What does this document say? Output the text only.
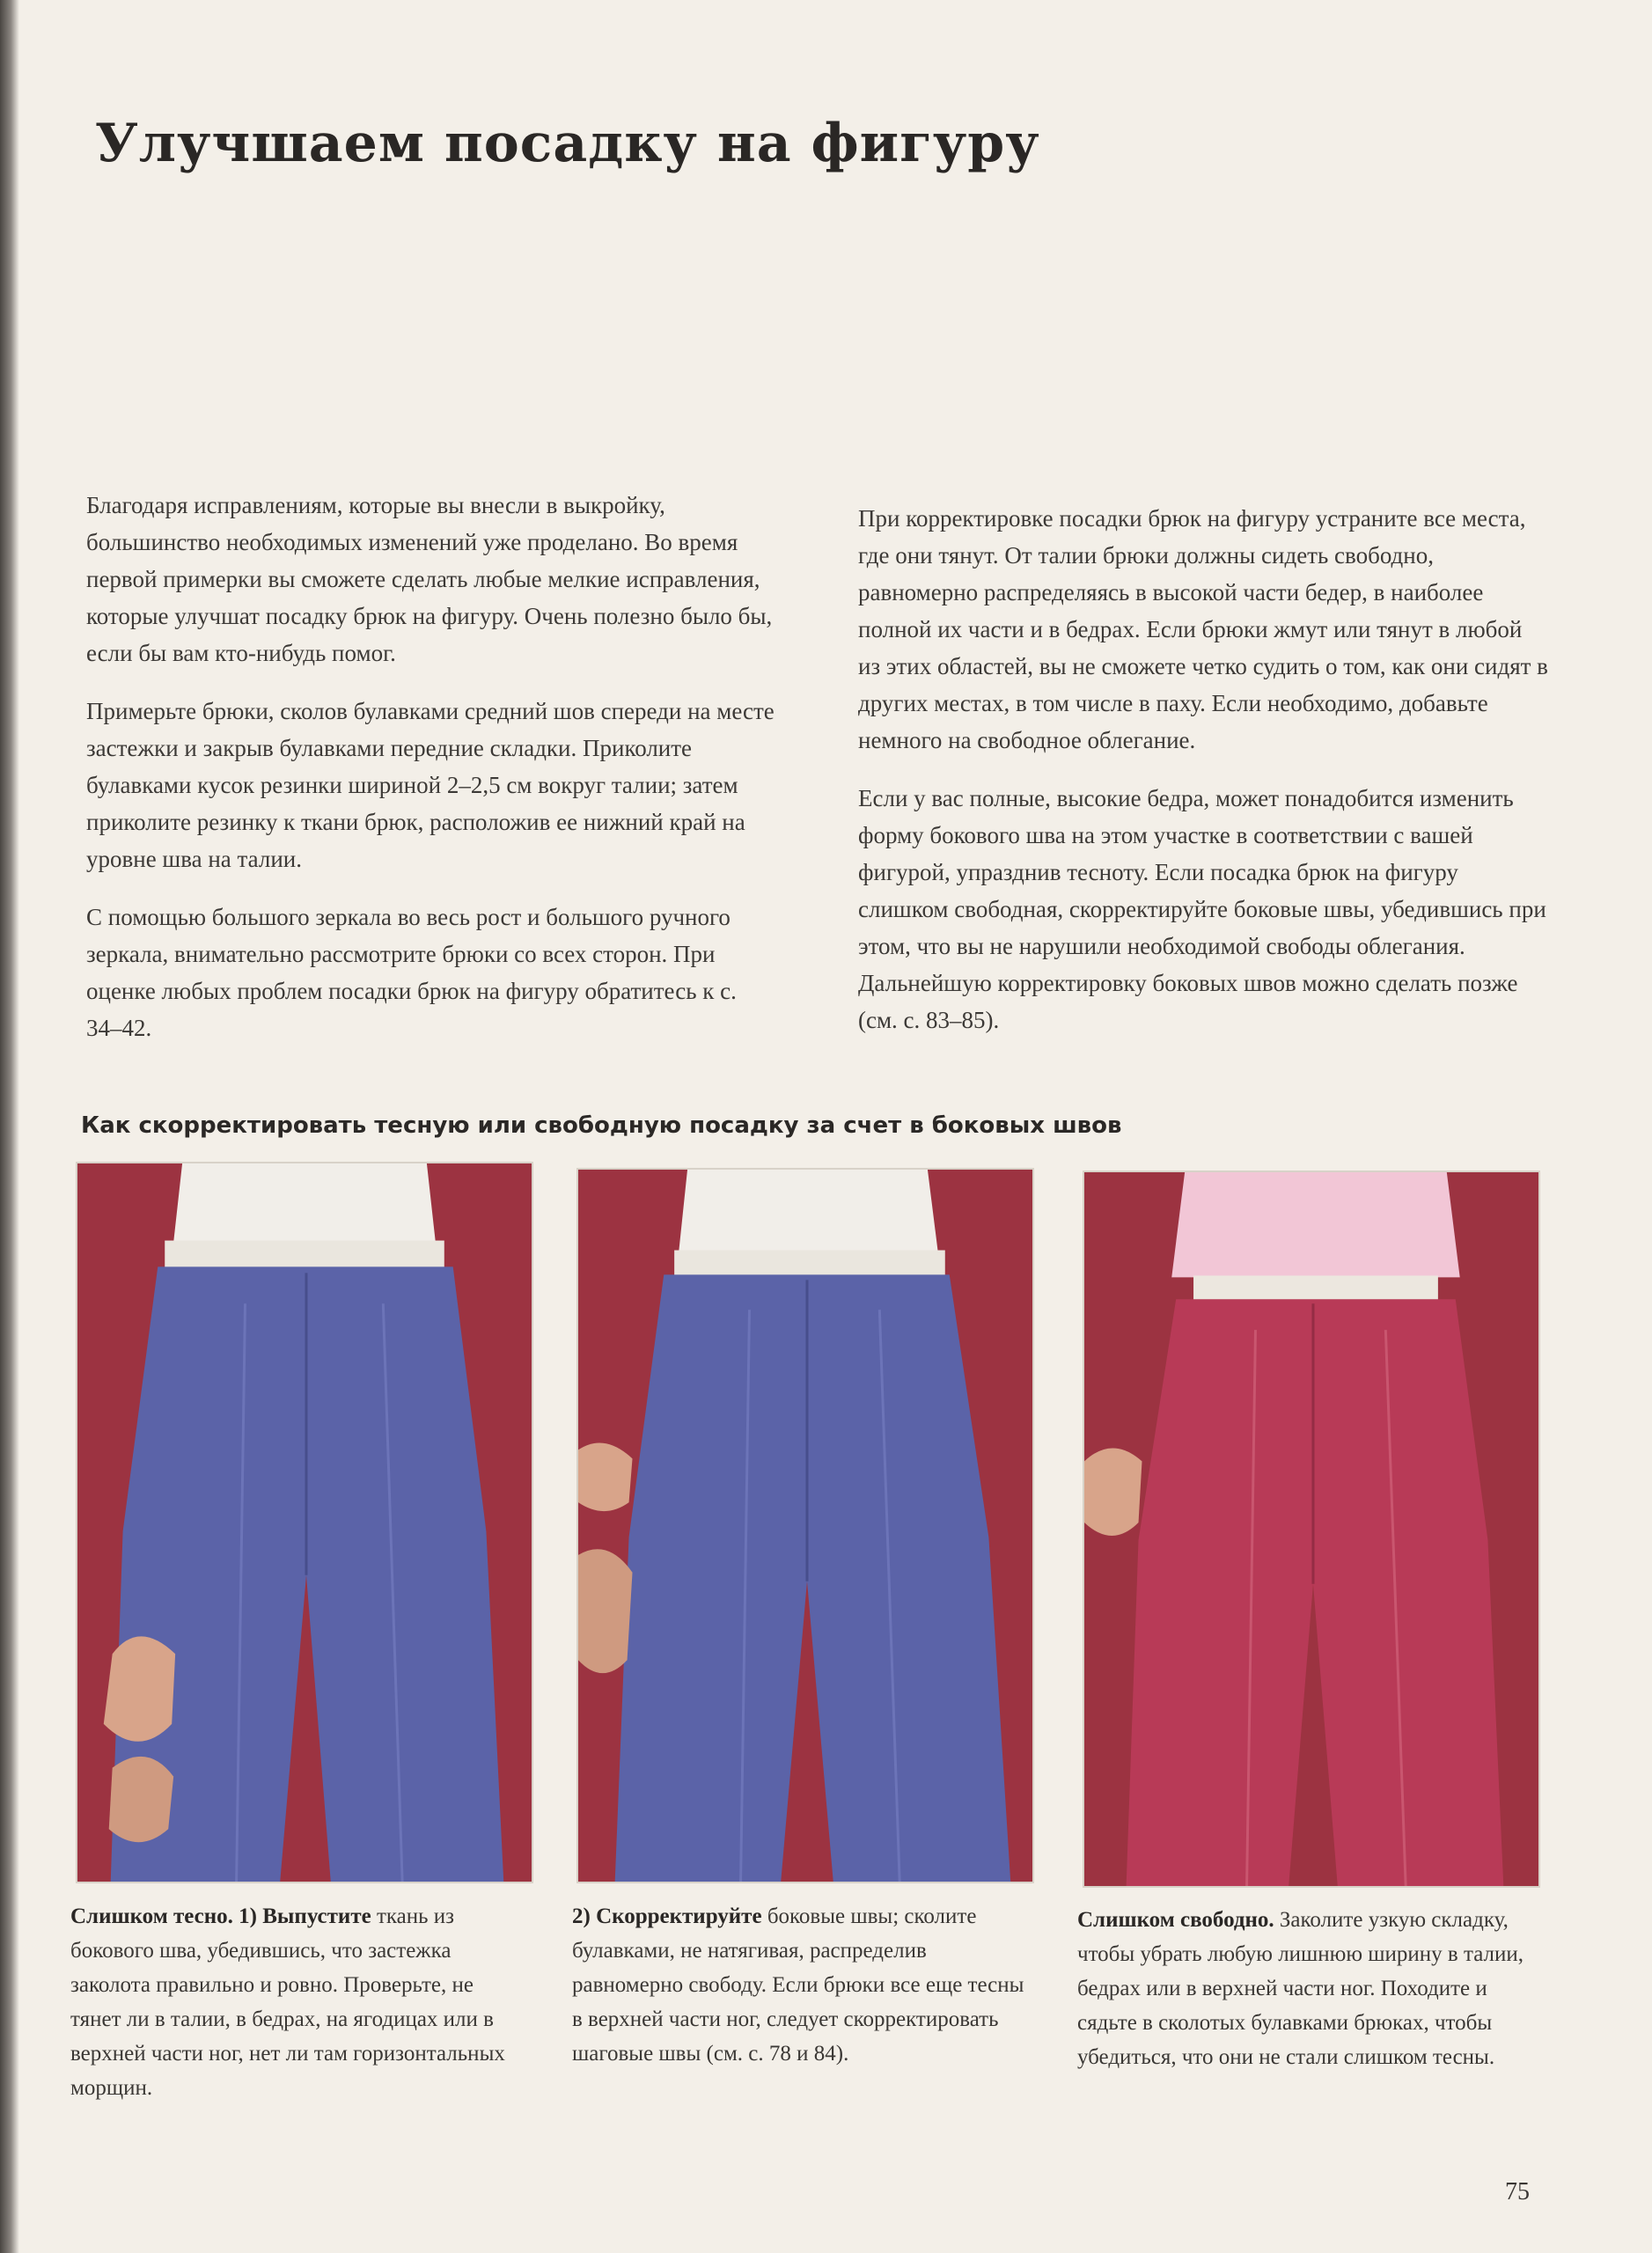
Улучшаем посадку на фигуру

Благодаря исправлениям, которые вы внесли в выкройку, большинство необходимых изменений уже проделано. Во время первой примерки вы сможете сделать любые мелкие исправления, которые улучшат посадку брюк на фигуру. Очень полезно было бы, если бы вам кто-нибудь помог.

Примерьте брюки, сколов булавками средний шов спереди на месте застежки и закрыв булавками передние складки. Приколите булавками кусок резинки шириной 2–2,5 см вокруг талии; затем приколите резинку к ткани брюк, расположив ее нижний край на уровне шва на талии.

С помощью большого зеркала во весь рост и большого ручного зеркала, внимательно рассмотрите брюки со всех сторон. При оценке любых проблем посадки брюк на фигуру обратитесь к с. 34–42.

При корректировке посадки брюк на фигуру устраните все места, где они тянут. От талии брюки должны сидеть свободно, равномерно распределяясь в высокой части бедер, в наиболее полной их части и в бедрах. Если брюки жмут или тянут в любой из этих областей, вы не сможете четко судить о том, как они сидят в других местах, в том числе в паху. Если необходимо, добавьте немного на свободное облегание.

Если у вас полные, высокие бедра, может понадобится изменить форму бокового шва на этом участке в соответствии с вашей фигурой, упразднив тесноту. Если посадка брюк на фигуру слишком свободная, скорректируйте боковые швы, убедившись при этом, что вы не нарушили необходимой свободы облегания. Дальнейшую корректировку боковых швов можно сделать позже (см. с. 83–85).

Как скорректировать тесную или свободную посадку за счет в боковых швов
Слишком тесно. 1) Выпустите ткань из бокового шва, убедившись, что застежка заколота правильно и ровно. Проверьте, не тянет ли в талии, в бедрах, на ягодицах или в верхней части ног, нет ли там горизонтальных морщин.
2) Скорректируйте боковые швы; сколите булавками, не натягивая, распределив равномерно свободу. Если брюки все еще тесны в верхней части ног, следует скорректировать шаговые швы (см. с. 78 и 84).
Слишком свободно. Заколите узкую складку, чтобы убрать любую лишнюю ширину в талии, бедрах или в верхней части ног. Походите и сядьте в сколотых булавками брюках, чтобы убедиться, что они не стали слишком тесны.
75
